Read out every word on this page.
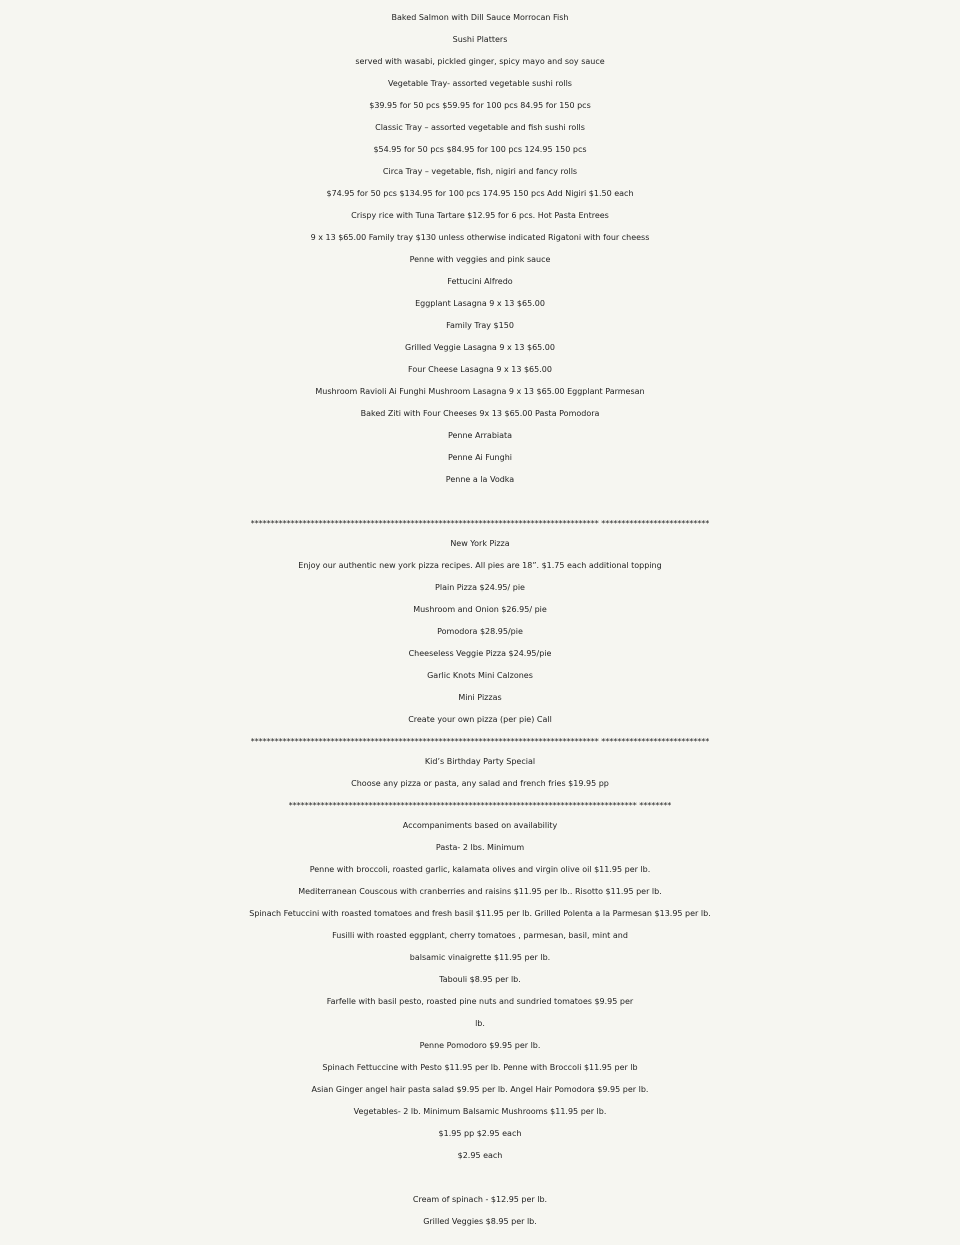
Baked Salmon with Dill Sauce Morrocan Fish
Sushi Platters
served with wasabi, pickled ginger, spicy mayo and soy sauce
Vegetable Tray- assorted vegetable sushi rolls
$39.95 for 50 pcs $59.95 for 100 pcs 84.95 for 150 pcs
Classic Tray – assorted vegetable and fish sushi rolls
$54.95 for 50 pcs $84.95 for 100 pcs 124.95 150 pcs
Circa Tray – vegetable, fish, nigiri and fancy rolls
$74.95 for 50 pcs $134.95 for 100 pcs 174.95 150 pcs Add Nigiri $1.50 each
Crispy rice with Tuna Tartare $12.95 for 6 pcs. Hot Pasta Entrees
9 x 13 $65.00 Family tray $130 unless otherwise indicated Rigatoni with four cheess
Penne with veggies and pink sauce
Fettucini Alfredo
Eggplant Lasagna 9 x 13 $65.00
Family Tray $150
Grilled Veggie Lasagna 9 x 13 $65.00
Four Cheese Lasagna 9 x 13 $65.00
Mushroom Ravioli Ai Funghi Mushroom Lasagna 9 x 13 $65.00 Eggplant Parmesan
Baked Ziti with Four Cheeses 9x 13 $65.00 Pasta Pomodora
Penne Arrabiata
Penne Ai Funghi
Penne a la Vodka
*************************************************************************************** ***************************
New York Pizza
Enjoy our authentic new york pizza recipes. All pies are 18”. $1.75 each additional topping
Plain Pizza $24.95/ pie
Mushroom and Onion $26.95/ pie
Pomodora $28.95/pie
Cheeseless Veggie Pizza $24.95/pie
Garlic Knots Mini Calzones
Mini Pizzas
Create your own pizza (per pie) Call
*************************************************************************************** ***************************
Kid’s Birthday Party Special
Choose any pizza or pasta, any salad and french fries $19.95 pp
*************************************************************************************** ********
Accompaniments based on availability
Pasta- 2 lbs. Minimum
Penne with broccoli, roasted garlic, kalamata olives and virgin olive oil $11.95 per lb.
Mediterranean Couscous with cranberries and raisins $11.95 per lb.. Risotto $11.95 per lb.
Spinach Fetuccini with roasted tomatoes and fresh basil $11.95 per lb. Grilled Polenta a la Parmesan $13.95 per lb.
Fusilli with roasted eggplant, cherry tomatoes , parmesan, basil, mint and
balsamic vinaigrette $11.95 per lb.
Tabouli $8.95 per lb.
Farfelle with basil pesto, roasted pine nuts and sundried tomatoes $9.95 per
lb.
Penne Pomodoro $9.95 per lb.
Spinach Fettuccine with Pesto $11.95 per lb. Penne with Broccoli $11.95 per lb
Asian Ginger angel hair pasta salad $9.95 per lb. Angel Hair Pomodora $9.95 per lb.
Vegetables- 2 lb. Minimum Balsamic Mushrooms $11.95 per lb.
$1.95 pp $2.95 each
$2.95 each
Cream of spinach - $12.95 per lb.
Grilled Veggies $8.95 per lb.
